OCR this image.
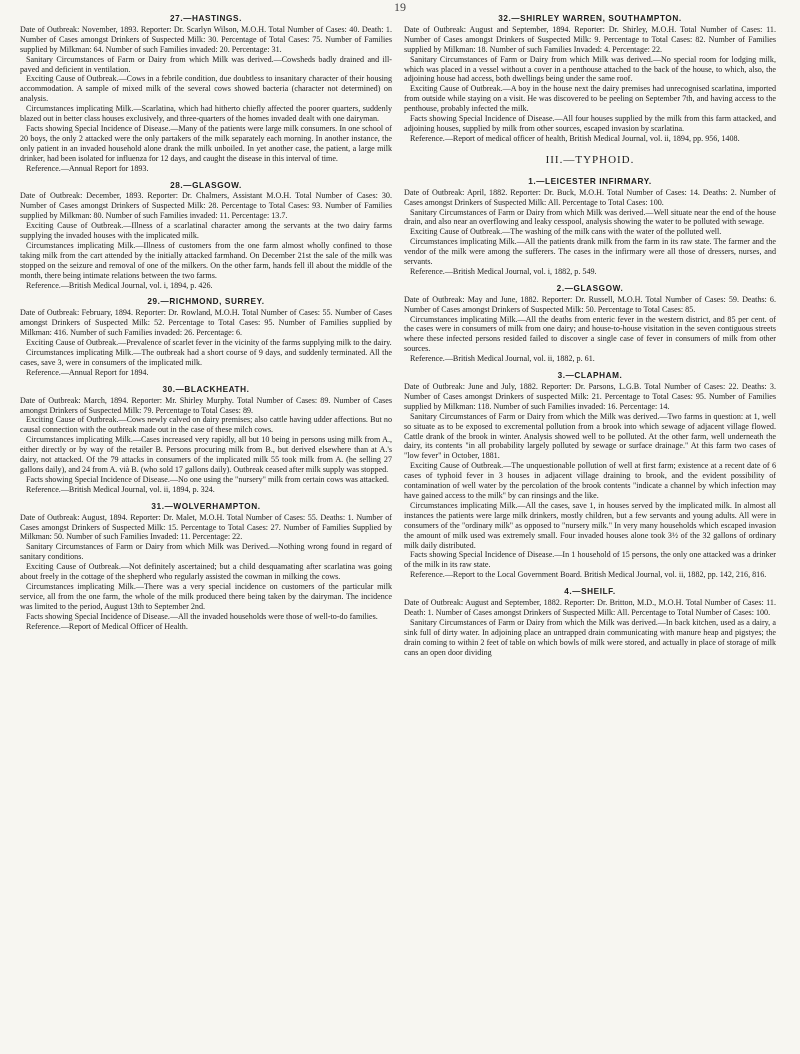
19
27.—HASTINGS.

Date of Outbreak: November, 1893. Reporter: Dr. Scarlyn Wilson, M.O.H. Total Number of Cases: 40. Death: 1. Number of Cases amongst Drinkers of Suspected Milk: 30. Percentage of Total Cases: 75. Number of Families supplied by Milkman: 64. Number of such Families invaded: 20. Percentage: 31.

Sanitary Circumstances of Farm or Dairy from which Milk was derived.—Cowsheds badly drained and ill-paved and deficient in ventilation.

Exciting Cause of Outbreak.—Cows in a febrile condition, due doubtless to insanitary character of their housing accommodation. A sample of mixed milk of the several cows showed bacteria (character not determined) on analysis.

Circumstances implicating Milk.—Scarlatina, which had hitherto chiefly affected the poorer quarters, suddenly blazed out in better class houses exclusively, and three-quarters of the homes invaded dealt with one dairyman.

Facts showing Special Incidence of Disease.—Many of the patients were large milk consumers. In one school of 20 boys, the only 2 attacked were the only partakers of the milk separately each morning. In another instance, the only patient in an invaded household alone drank the milk unboiled. In yet another case, the patient, a large milk drinker, had been isolated for influenza for 12 days, and caught the disease in this interval of time.

Reference.—Annual Report for 1893.

28.—GLASGOW.

Date of Outbreak: December, 1893. Reporter: Dr. Chalmers, Assistant M.O.H. Total Number of Cases: 30. Number of Cases amongst Drinkers of Suspected Milk: 28. Percentage to Total Cases: 93. Number of Families supplied by Milkman: 80. Number of such Families invaded: 11. Percentage: 13.7.

Exciting Cause of Outbreak.—Illness of a scarlatinal character among the servants at the two dairy farms supplying the invaded houses with the implicated milk.

Circumstances implicating Milk.—Illness of customers from the one farm almost wholly confined to those taking milk from the cart attended by the initially attacked farmhand. On December 21st the sale of the milk was stopped on the seizure and removal of one of the milkers. On the other farm, hands fell ill about the middle of the month, there being intimate relations between the two farms.

Reference.—British Medical Journal, vol. i, 1894, p. 426.

29.—RICHMOND, SURREY.

Date of Outbreak: February, 1894. Reporter: Dr. Rowland, M.O.H. Total Number of Cases: 55. Number of Cases amongst Drinkers of Suspected Milk: 52. Percentage to Total Cases: 95. Number of Families supplied by Milkman: 416. Number of such Families invaded: 26. Percentage: 6.

Exciting Cause of Outbreak.—Prevalence of scarlet fever in the vicinity of the farms supplying milk to the dairy.

Circumstances implicating Milk.—The outbreak had a short course of 9 days, and suddenly terminated. All the cases, save 3, were in consumers of the implicated milk.

Reference.—Annual Report for 1894.

30.—BLACKHEATH.

Date of Outbreak: March, 1894. Reporter: Mr. Shirley Murphy. Total Number of Cases: 89. Number of Cases amongst Drinkers of Suspected Milk: 79. Percentage to Total Cases: 89.

Exciting Cause of Outbreak.—Cows newly calved on dairy premises; also cattle having udder affections. But no causal connection with the outbreak made out in the case of these milch cows.

Circumstances implicating Milk.—Cases increased very rapidly, all but 10 being in persons using milk from A., either directly or by way of the retailer B. Persons procuring milk from B., but derived elsewhere than at A.'s dairy, not attacked. Of the 79 attacks in consumers of the implicated milk 55 took milk from A. (he selling 27 gallons daily), and 24 from A. vià B. (who sold 17 gallons daily). Outbreak ceased after milk supply was stopped.

Facts showing Special Incidence of Disease.—No one using the "nursery" milk from certain cows was attacked.

Reference.—British Medical Journal, vol. ii, 1894, p. 324.

31.—WOLVERHAMPTON.

Date of Outbreak: August, 1894. Reporter: Dr. Malet, M.O.H. Total Number of Cases: 55. Deaths: 1. Number of Cases amongst Drinkers of Suspected Milk: 15. Percentage to Total Cases: 27. Number of Families Supplied by Milkman: 50. Number of such Families Invaded: 11. Percentage: 22.

Sanitary Circumstances of Farm or Dairy from which Milk was Derived.—Nothing wrong found in regard of sanitary conditions.

Exciting Cause of Outbreak.—Not definitely ascertained; but a child desquamating after scarlatina was going about freely in the cottage of the shepherd who regularly assisted the cowman in milking the cows.

Circumstances implicating Milk.—There was a very special incidence on customers of the particular milk service, all from the one farm, the whole of the milk produced there being taken by the dairyman. The incidence was limited to the period, August 13th to September 2nd.

Facts showing Special Incidence of Disease.—All the invaded households were those of well-to-do families.

Reference.—Report of Medical Officer of Health.

32.—SHIRLEY WARREN, SOUTHAMPTON.

Date of Outbreak: August and September, 1894. Reporter: Dr. Shirley, M.O.H. Total Number of Cases: 11. Number of Cases amongst Drinkers of Suspected Milk: 9. Percentage to Total Cases: 82. Number of Families supplied by Milkman: 18. Number of such Families Invaded: 4. Percentage: 22.

Sanitary Circumstances of Farm or Dairy from which Milk was derived.—No special room for lodging milk, which was placed in a vessel without a cover in a penthouse attached to the back of the house, to which, also, the adjoining house had access, both dwellings being under the same roof.

Exciting Cause of Outbreak.—A boy in the house next the dairy premises had unrecognised scarlatina, imported from outside while staying on a visit. He was discovered to be peeling on September 7th, and having access to the penthouse, probably infected the milk.

Facts showing Special Incidence of Disease.—All four houses supplied by the milk from this farm attacked, and adjoining houses, supplied by milk from other sources, escaped invasion by scarlatina.

Reference.—Report of medical officer of health, British Medical Journal, vol. ii, 1894, pp. 956, 1408.

III.—TYPHOID.
1.—LEICESTER INFIRMARY.

Date of Outbreak: April, 1882. Reporter: Dr. Buck, M.O.H. Total Number of Cases: 14. Deaths: 2. Number of Cases amongst Drinkers of Suspected Milk: All. Percentage to Total Cases: 100.

Sanitary Circumstances of Farm or Dairy from which Milk was derived.—Well situate near the end of the house drain, and also near an overflowing and leaky cesspool, analysis showing the water to be polluted with sewage.

Exciting Cause of Outbreak.—The washing of the milk cans with the water of the polluted well.

Circumstances implicating Milk.—All the patients drank milk from the farm in its raw state. The farmer and the vendor of the milk were among the sufferers. The cases in the infirmary were all those of dressers, nurses, and servants.

Reference.—British Medical Journal, vol. i, 1882, p. 549.

2.—GLASGOW.

Date of Outbreak: May and June, 1882. Reporter: Dr. Russell, M.O.H. Total Number of Cases: 59. Deaths: 6. Number of Cases amongst Drinkers of Suspected Milk: 50. Percentage to Total Cases: 85.

Circumstances implicating Milk.—All the deaths from enteric fever in the western district, and 85 per cent. of the cases were in consumers of milk from one dairy; and house-to-house visitation in the seven contiguous streets where these infected persons resided failed to discover a single case of fever in consumers of milk from other sources.

Reference.—British Medical Journal, vol. ii, 1882, p. 61.

3.—CLAPHAM.

Date of Outbreak: June and July, 1882. Reporter: Dr. Parsons, L.G.B. Total Number of Cases: 22. Deaths: 3. Number of Cases amongst Drinkers of suspected Milk: 21. Percentage to Total Cases: 95. Number of Families supplied by Milkman: 118. Number of such Families invaded: 16. Percentage: 14.

Sanitary Circumstances of Farm or Dairy from which the Milk was derived.—Two farms in question: at 1, well so situate as to be exposed to excremental pollution from a brook into which sewage of adjacent village flowed. Cattle drank of the brook in winter. Analysis showed well to be polluted. At the other farm, well underneath the dairy, its contents "in all probability largely polluted by sewage or surface drainage." At this farm two cases of "low fever" in October, 1881.

Exciting Cause of Outbreak.—The unquestionable pollution of well at first farm; existence at a recent date of 6 cases of typhoid fever in 3 houses in adjacent village draining to brook, and the evident possibility of contamination of well water by the percolation of the brook contents "indicate a channel by which infection may have gained access to the milk" by can rinsings and the like.

Circumstances implicating Milk.—All the cases, save 1, in houses served by the implicated milk. In almost all instances the patients were large milk drinkers, mostly children, but a few servants and young adults. All were in consumers of the "ordinary milk" as opposed to "nursery milk." In very many households which escaped invasion the amount of milk used was extremely small. Four invaded houses alone took 3½ of the 32 gallons of ordinary milk daily distributed.

Facts showing Special Incidence of Disease.—In 1 household of 15 persons, the only one attacked was a drinker of the milk in its raw state.

Reference.—Report to the Local Government Board. British Medical Journal, vol. ii, 1882, pp. 142, 216, 816.

4.—SHEILF.

Date of Outbreak: August and September, 1882. Reporter: Dr. Britton, M.D., M.O.H. Total Number of Cases: 11. Death: 1. Number of Cases amongst Drinkers of Suspected Milk: All. Percentage to Total Number of Cases: 100.

Sanitary Circumstances of Farm or Dairy from which the Milk was derived.—In back kitchen, used as a dairy, a sink full of dirty water. In adjoining place an untrapped drain communicating with manure heap and pigstyes; the drain coming to within 2 feet of table on which bowls of milk were stored, and actually in place of storage of milk cans an open door dividing
